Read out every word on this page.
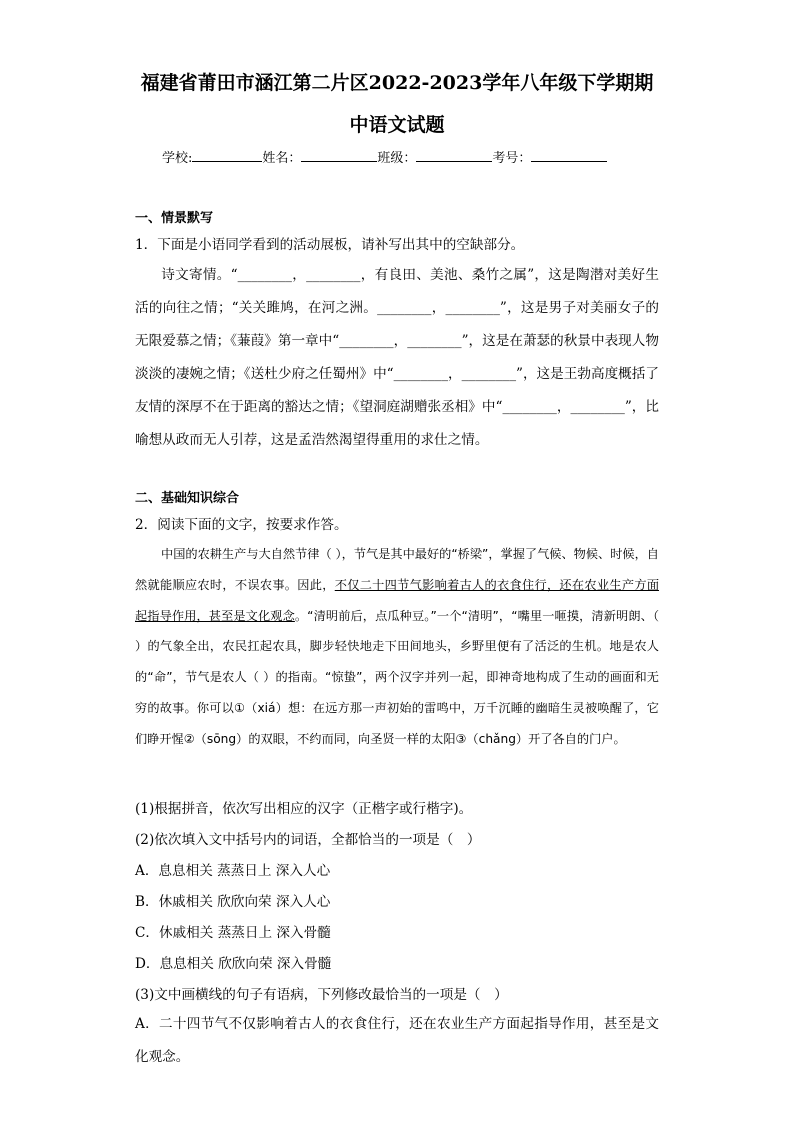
福建省莆田市涵江第二片区2022-2023学年八年级下学期期
中语文试题
学校:	姓名：	班级：	考号：
一、情景默写
1．下面是小语同学看到的活动展板，请补写出其中的空缺部分。
诗文寄情。“________，________，有良田、美池、桑竹之属”，这是陶潜对美好生活的向往之情；“关关雎鸠，在河之洲。________，________”，这是男子对美丽女子的无限爱慕之情；《蒹葭》第一章中“________，________”，这是在萧瑟的秋景中表现人物淡淡的凄婉之情；《送杜少府之任蜀州》中“________，________”，这是王勃高度概括了友情的深厚不在于距离的豁达之情；《望洞庭湖赠张丞相》中“________，________”，比喻想从政而无人引荐，这是孟浩然渴望得重用的求仕之情。
二、基础知识综合
2．阅读下面的文字，按要求作答。
中国的农耕生产与大自然节律（ ），节气是其中最好的“桥梁”，掌握了气候、物候、时候，自然就能顺应农时，不误农事。因此，不仅二十四节气影响着古人的衣食住行，还在农业生产方面起指导作用，甚至是文化观念。“清明前后，点瓜种豆。”一个“清明”，“嘴里一咂摸，清新明朗、（ ）的气象全出，农民扛起农具，脚步轻快地走下田间地头，乡野里便有了活泛的生机。地是农人的“命”，节气是农人（ ）的指南。“惊蛰”，两个汉字并列一起，即神奇地构成了生动的画面和无穷的故事。你可以①（xiá）想：在远方那一声初始的雷鸣中，万千沉睡的幽暗生灵被唤醒了，它们睁开惺②（sōng）的双眼，不约而同，向圣贤一样的太阳③（chǎng）开了各自的门户。
(1)根据拼音，依次写出相应的汉字（正楷字或行楷字)。
(2)依次填入文中括号内的词语，全都恰当的一项是（　）
A．息息相关 蒸蒸日上 深入人心
B．休戚相关 欣欣向荣 深入人心
C．休戚相关 蒸蒸日上 深入骨髓
D．息息相关 欣欣向荣 深入骨髓
(3)文中画横线的句子有语病，下列修改最恰当的一项是（　）
A．二十四节气不仅影响着古人的衣食住行，还在农业生产方面起指导作用，甚至是文化观念。
